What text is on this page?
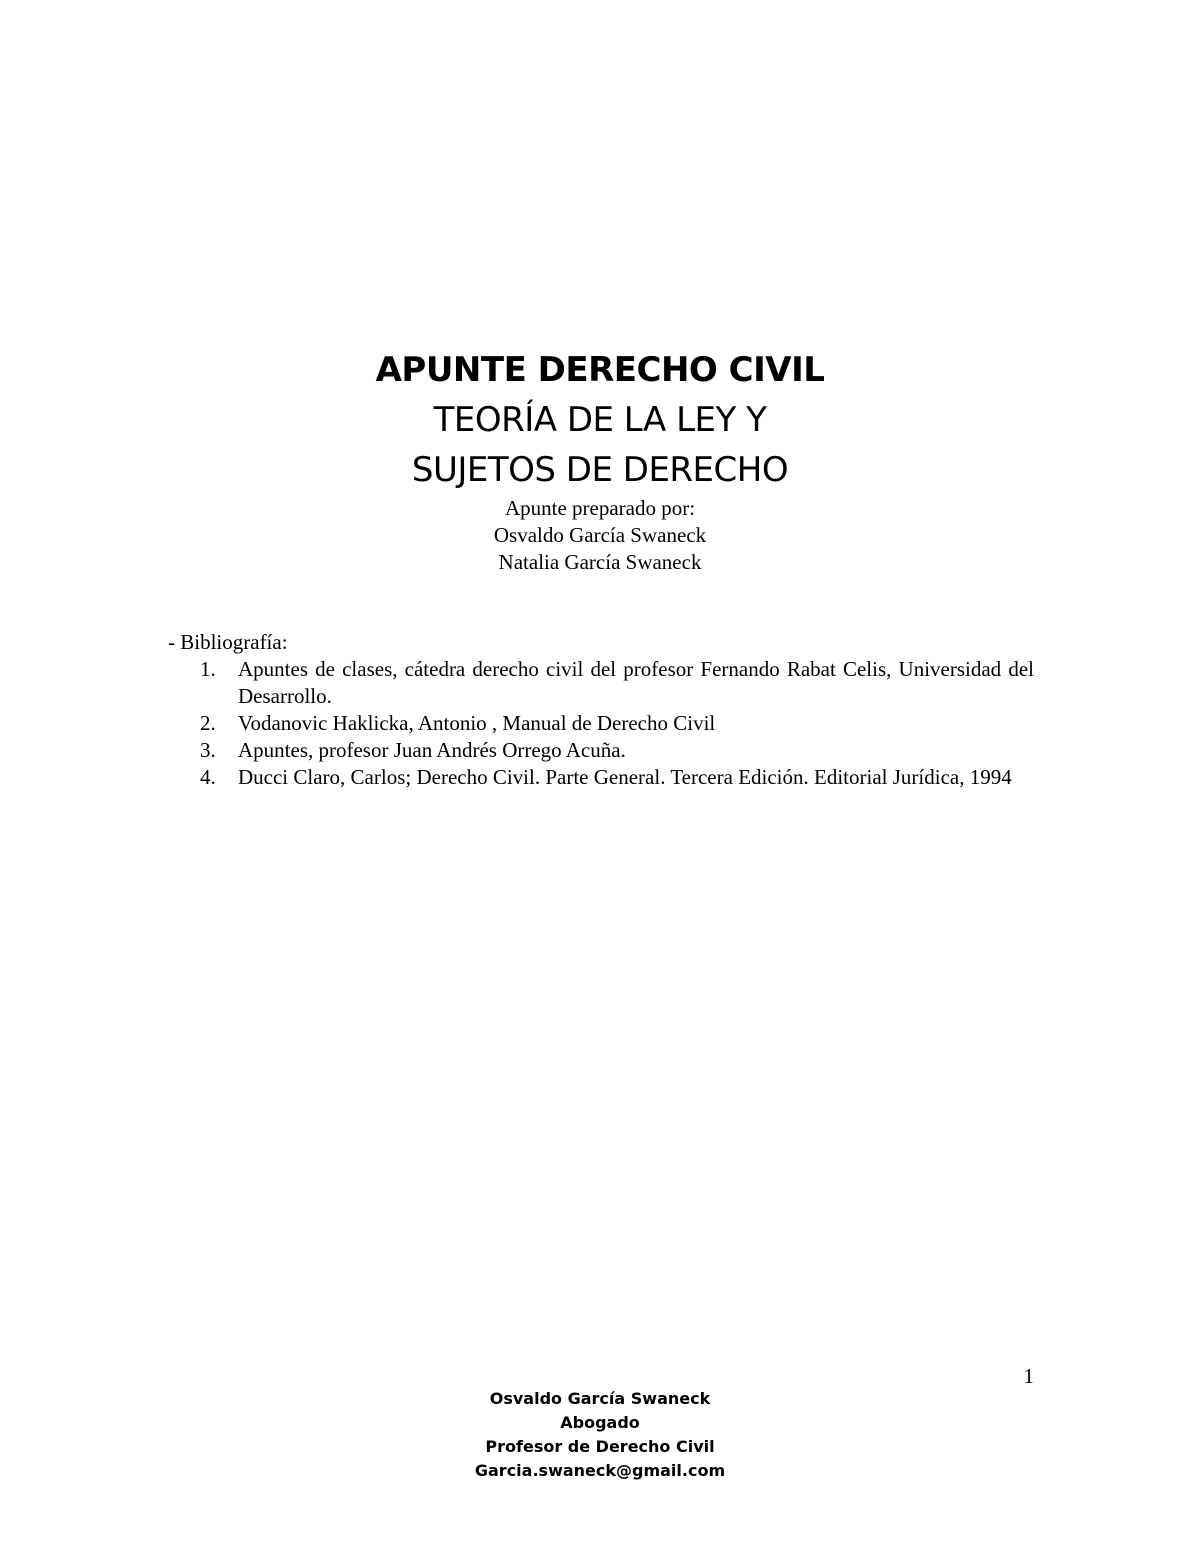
APUNTE DERECHO CIVIL
TEORÍA DE LA LEY Y
SUJETOS DE DERECHO
Apunte preparado por:
Osvaldo García Swaneck
Natalia García Swaneck
- Bibliografía:
1. Apuntes de clases, cátedra derecho civil del profesor Fernando Rabat Celis, Universidad del Desarrollo.
2. Vodanovic Haklicka, Antonio , Manual de Derecho Civil
3. Apuntes, profesor Juan Andrés Orrego Acuña.
4. Ducci Claro, Carlos; Derecho Civil. Parte General. Tercera Edición. Editorial Jurídica, 1994
1
Osvaldo García Swaneck
Abogado
Profesor de Derecho Civil
Garcia.swaneck@gmail.com
